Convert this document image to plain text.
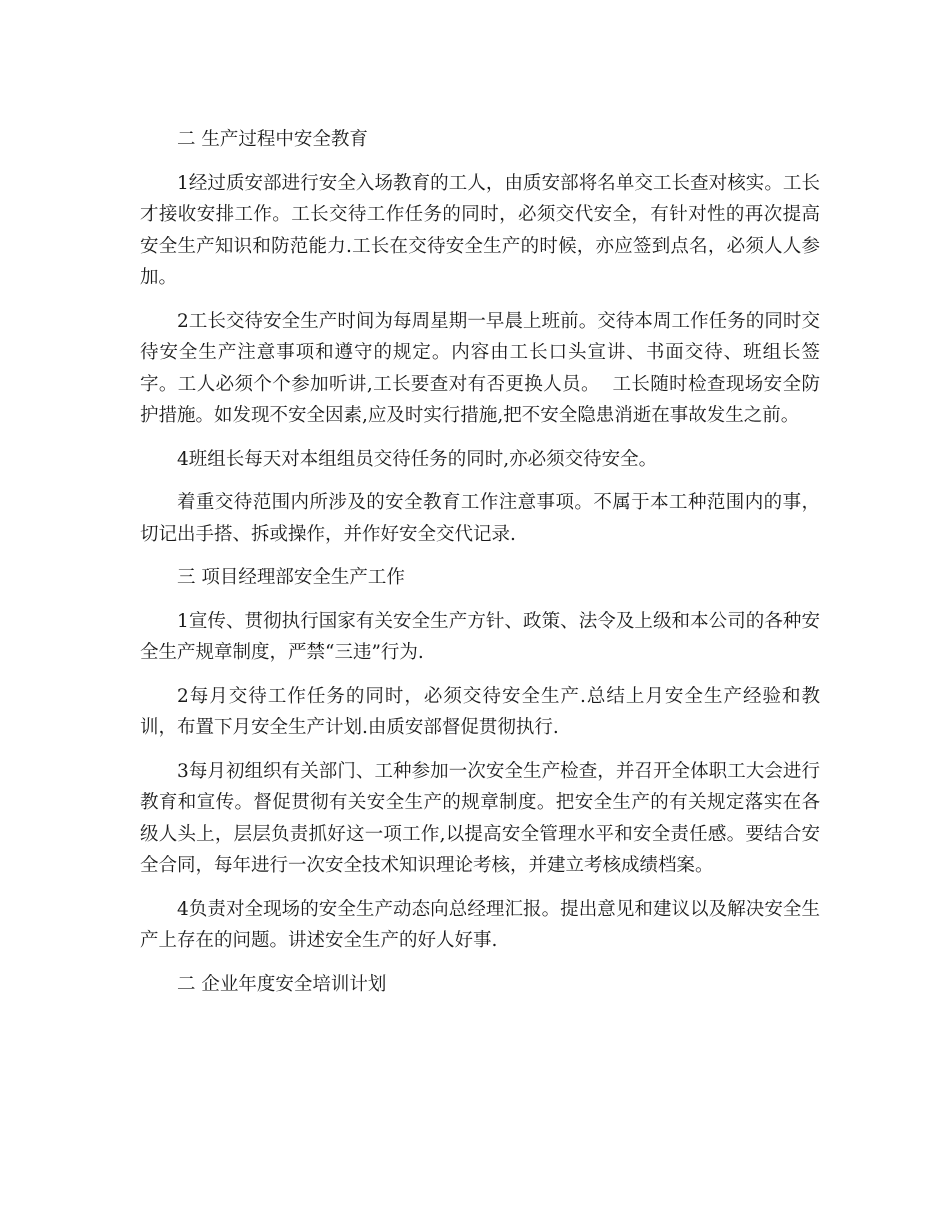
二 生产过程中安全教育

1经过质安部进行安全入场教育的工人，由质安部将名单交工长查对核实。工长才接收安排工作。工长交待工作任务的同时，必须交代安全，有针对性的再次提高安全生产知识和防范能力.工长在交待安全生产的时候，亦应签到点名，必须人人参加。

2工长交待安全生产时间为每周星期一早晨上班前。交待本周工作任务的同时交待安全生产注意事项和遵守的规定。内容由工长口头宣讲、书面交待、班组长签字。工人必须个个参加听讲,工长要查对有否更换人员。  工长随时检查现场安全防护措施。如发现不安全因素,应及时实行措施,把不安全隐患消逝在事故发生之前。

4班组长每天对本组组员交待任务的同时,亦必须交待安全。

着重交待范围内所涉及的安全教育工作注意事项。不属于本工种范围内的事，切记出手搭、拆或操作，并作好安全交代记录.

三 项目经理部安全生产工作

1宣传、贯彻执行国家有关安全生产方针、政策、法令及上级和本公司的各种安全生产规章制度，严禁“三违”行为.

2每月交待工作任务的同时，必须交待安全生产.总结上月安全生产经验和教训，布置下月安全生产计划.由质安部督促贯彻执行.

3每月初组织有关部门、工种参加一次安全生产检查，并召开全体职工大会进行教育和宣传。督促贯彻有关安全生产的规章制度。把安全生产的有关规定落实在各级人头上，层层负责抓好这一项工作,以提高安全管理水平和安全责任感。要结合安全合同，每年进行一次安全技术知识理论考核，并建立考核成绩档案。

4负责对全现场的安全生产动态向总经理汇报。提出意见和建议以及解决安全生产上存在的问题。讲述安全生产的好人好事.

二 企业年度安全培训计划
